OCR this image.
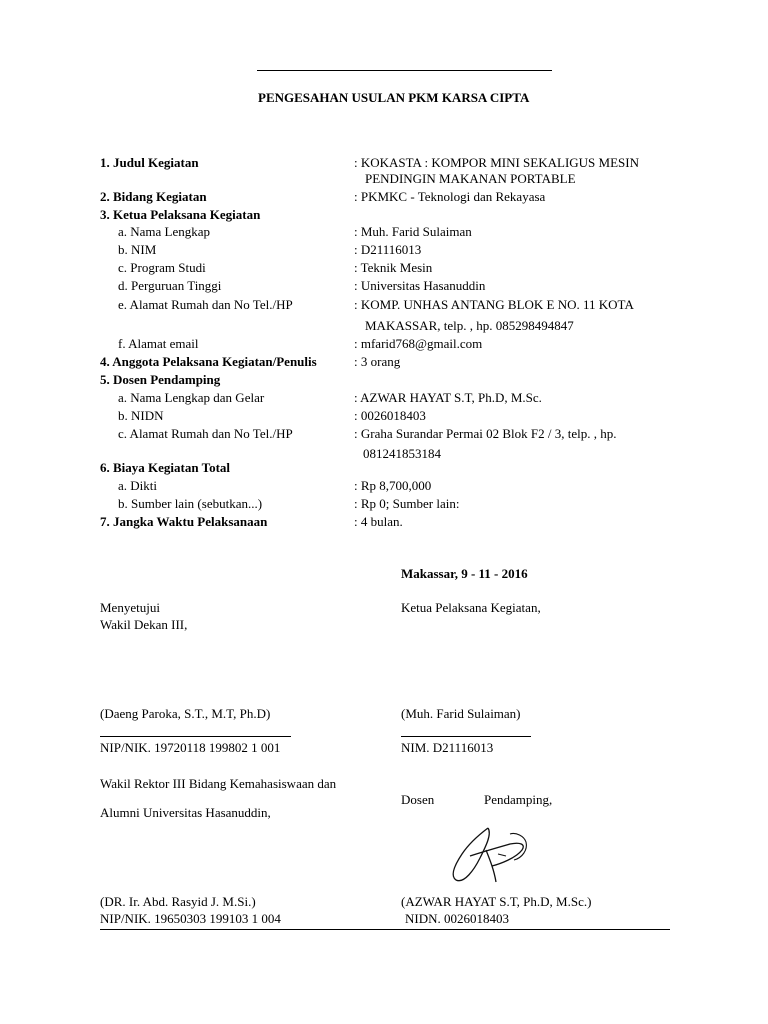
PENGESAHAN USULAN PKM KARSA CIPTA
1. Judul Kegiatan	: KOKASTA : KOMPOR MINI SEKALIGUS MESIN
PENDINGIN MAKANAN PORTABLE
2. Bidang Kegiatan	: PKMKC - Teknologi dan Rekayasa
3. Ketua Pelaksana Kegiatan
a. Nama Lengkap	: Muh. Farid Sulaiman
b. NIM	: D21116013
c. Program Studi	: Teknik Mesin
d. Perguruan Tinggi	: Universitas Hasanuddin
e. Alamat Rumah dan No Tel./HP	: KOMP. UNHAS ANTANG BLOK E NO. 11 KOTA
MAKASSAR, telp. , hp. 085298494847
f. Alamat email	: mfarid768@gmail.com
4. Anggota Pelaksana Kegiatan/Penulis	: 3 orang
5. Dosen Pendamping
a. Nama Lengkap dan Gelar	: AZWAR HAYAT S.T, Ph.D, M.Sc.
b. NIDN	: 0026018403
c. Alamat Rumah dan No Tel./HP	: Graha Surandar Permai 02 Blok F2 / 3, telp. , hp.
081241853184
6. Biaya Kegiatan Total
a. Dikti	: Rp 8,700,000
b. Sumber lain (sebutkan...)	: Rp 0; Sumber lain:
7. Jangka Waktu Pelaksanaan	: 4 bulan.
Makassar, 9 - 11 - 2016
Menyetujui
Wakil Dekan III,
(Daeng Paroka, S.T., M.T, Ph.D)
NIP/NIK. 19720118 199802 1 001
Ketua Pelaksana Kegiatan,
(Muh. Farid Sulaiman)
NIM. D21116013
Wakil Rektor III Bidang Kemahasiswaan dan
Alumni Universitas Hasanuddin,
(DR. Ir. Abd. Rasyid J. M.Si.)
NIP/NIK. 19650303 199103 1 004
Dosen	Pendamping,
(AZWAR HAYAT S.T, Ph.D, M.Sc.)
NIDN. 0026018403
